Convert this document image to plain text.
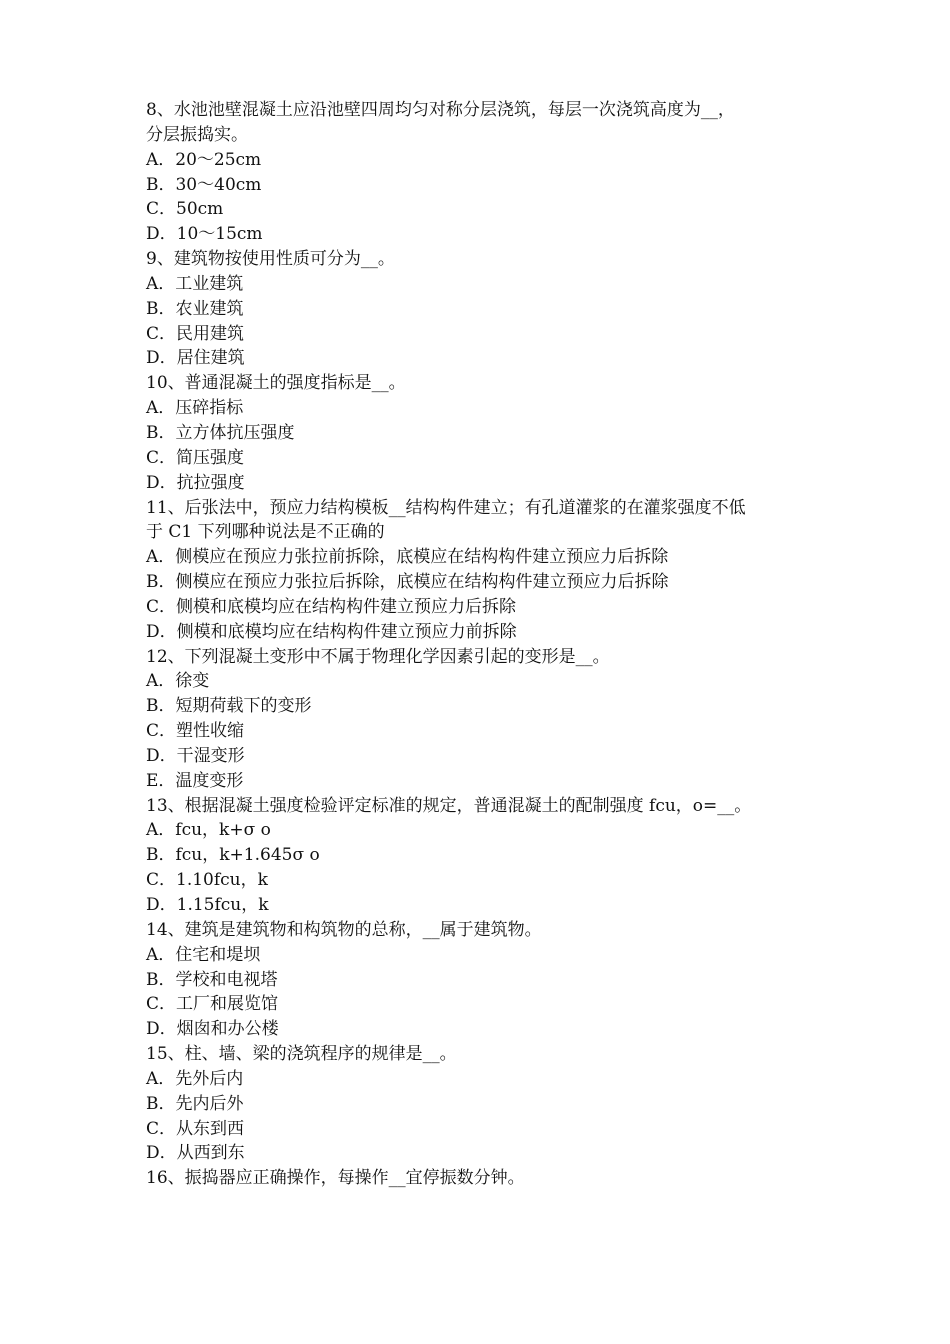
8、水池池壁混凝土应沿池壁四周均匀对称分层浇筑，每层一次浇筑高度为__，
分层振捣实。
A．20～25cm
B．30～40cm
C．50cm
D．10～15cm
9、建筑物按使用性质可分为__。
A．工业建筑
B．农业建筑
C．民用建筑
D．居住建筑
10、普通混凝土的强度指标是__。
A．压碎指标
B．立方体抗压强度
C．简压强度
D．抗拉强度
11、后张法中，预应力结构模板__结构构件建立；有孔道灌浆的在灌浆强度不低
于 C1 下列哪种说法是不正确的
A．侧模应在预应力张拉前拆除，底模应在结构构件建立预应力后拆除
B．侧模应在预应力张拉后拆除，底模应在结构构件建立预应力后拆除
C．侧模和底模均应在结构构件建立预应力后拆除
D．侧模和底模均应在结构构件建立预应力前拆除
12、下列混凝土变形中不属于物理化学因素引起的变形是__。
A．徐变
B．短期荷载下的变形
C．塑性收缩
D．干湿变形
E．温度变形
13、根据混凝土强度检验评定标准的规定，普通混凝土的配制强度 fcu，o=__。
A．fcu，k+σ o
B．fcu，k+1.645σ o
C．1.10fcu，k
D．1.15fcu，k
14、建筑是建筑物和构筑物的总称，__属于建筑物。
A．住宅和堤坝
B．学校和电视塔
C．工厂和展览馆
D．烟囱和办公楼
15、柱、墙、梁的浇筑程序的规律是__。
A．先外后内
B．先内后外
C．从东到西
D．从西到东
16、振捣器应正确操作，每操作__宜停振数分钟。
